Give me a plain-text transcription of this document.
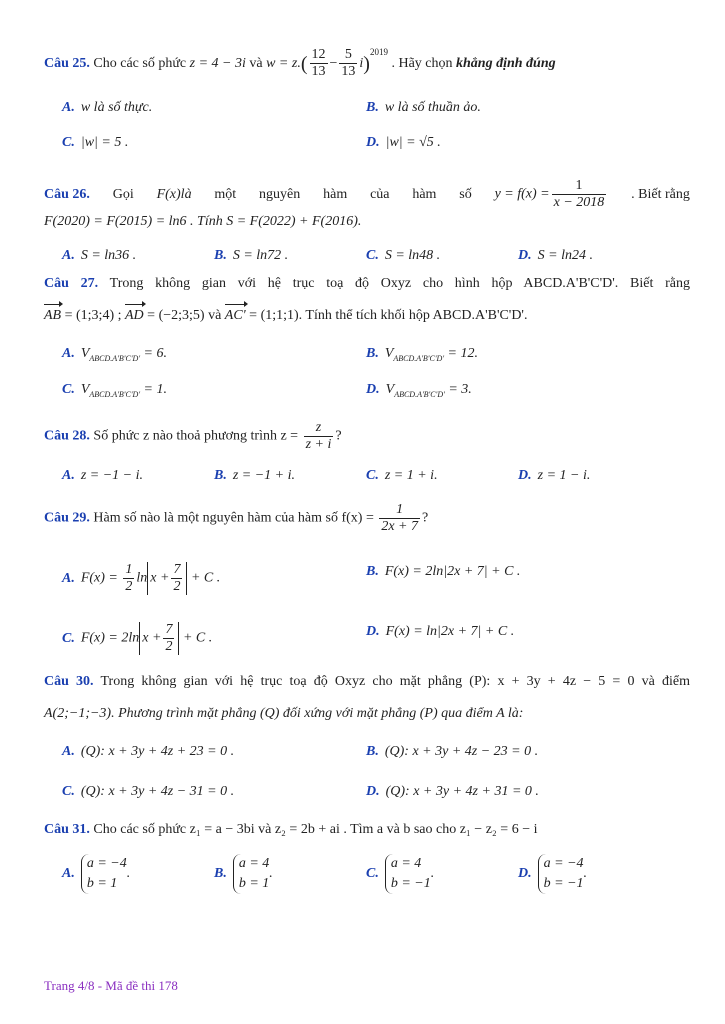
Câu 25. Cho các số phức z = 4 − 3i và $w = z.( \frac{12}{13} - \frac{5}{13} i)^{2019}$ . Hãy chọn khẳng định đúng
A. w là số thực.	B. w là số thuần ảo.
C. |w| = 5 .	D. |w| = √5 .
Câu 26. Gọi F(x)là một nguyên hàm của hàm số $y = f(x) = \frac{1}{x - 2018}$ . Biết rằng
F(2020) = F(2015) = ln6 . Tính S = F(2022) + F(2016).
A. S = ln36 .	B. S = ln72 .	C. S = ln48 .	D. S = ln24 .
Câu 27. Trong không gian với hệ trục toạ độ Oxyz cho hình hộp ABCD.A'B'C'D'. Biết rằng
AB = (1;3;4) ; AD = (−2;3;5) và AC' = (1;1;1). Tính thể tích khối hộp ABCD.A'B'C'D'.
A. $V_{ABCD.A'B'C'D'} = 6$.	B. $V_{ABCD.A'B'C'D'} = 12$.
C. $V_{ABCD.A'B'C'D'} = 1$.	D. $V_{ABCD.A'B'C'D'} = 3$.
Câu 28. Số phức z nào thoả phương trình $z = \frac{z}{z + i}$ ?
A. z = −1 − i.	B. z = −1 + i.	C. z = 1 + i.	D. z = 1 − i.
Câu 29. Hàm số nào là một nguyên hàm của hàm số $f(x) = \frac{1}{2x + 7}$ ?
A. $F(x) = \frac{1}{2}$ $\ln x + \frac{7}{2} + C$ .	B. F(x) = 2ln|2x + 7| + C .
C. F(x) = 2ln $x + \frac{7}{2} + C$ .	D. F(x) = ln|2x + 7| + C .
Câu 30. Trong không gian với hệ trục toạ độ Oxyz cho mặt phẳng (P): x + 3y + 4z − 5 = 0 và điểm
A(2;−1;−3). Phương trình mặt phẳng (Q) đối xứng với mặt phẳng (P) qua điểm A là:
A. (Q): x + 3y + 4z + 23 = 0 .	B. (Q): x + 3y + 4z − 23 = 0 .
C. (Q): x + 3y + 4z − 31 = 0 .	D. (Q): x + 3y + 4z + 31 = 0 .
Câu 31. Cho các số phức z₁ = a − 3bi và z₂ = 2b + ai . Tìm a và b sao cho z₁ − z₂ = 6 − i
A.
a = −4
b = 1
.	B.
a = 4
b = 1
.	C.
a = 4
b = −1
.	D.
a = −4
b = −1
.
Trang 4/8 - Mã đề thi 178
